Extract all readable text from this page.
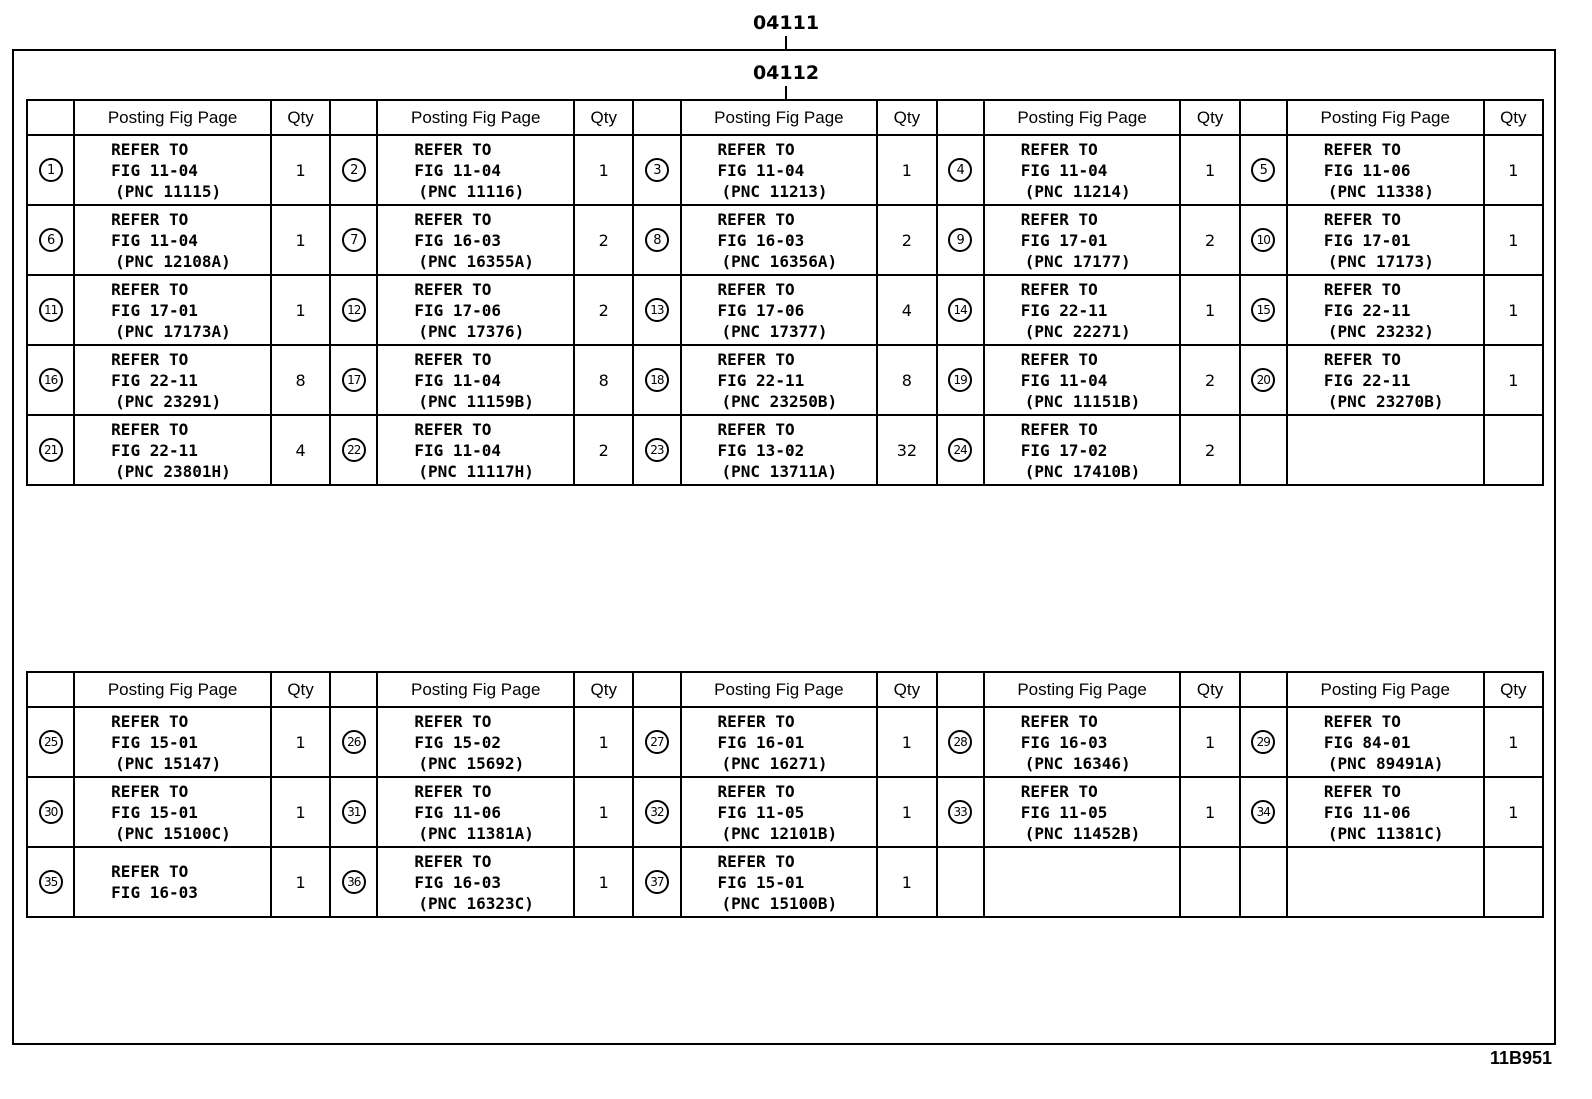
04111
04112
	Posting Fig Page	Qty		Posting Fig Page	Qty		Posting Fig Page	Qty		Posting Fig Page	Qty		Posting Fig Page	Qty
1	REFER TO
FIG 11-04
(PNC 11115)	1	2	REFER TO
FIG 11-04
(PNC 11116)	1	3	REFER TO
FIG 11-04
(PNC 11213)	1	4	REFER TO
FIG 11-04
(PNC 11214)	1	5	REFER TO
FIG 11-06
(PNC 11338)	1
6	REFER TO
FIG 11-04
(PNC 12108A)	1	7	REFER TO
FIG 16-03
(PNC 16355A)	2	8	REFER TO
FIG 16-03
(PNC 16356A)	2	9	REFER TO
FIG 17-01
(PNC 17177)	2	10	REFER TO
FIG 17-01
(PNC 17173)	1
11	REFER TO
FIG 17-01
(PNC 17173A)	1	12	REFER TO
FIG 17-06
(PNC 17376)	2	13	REFER TO
FIG 17-06
(PNC 17377)	4	14	REFER TO
FIG 22-11
(PNC 22271)	1	15	REFER TO
FIG 22-11
(PNC 23232)	1
16	REFER TO
FIG 22-11
(PNC 23291)	8	17	REFER TO
FIG 11-04
(PNC 11159B)	8	18	REFER TO
FIG 22-11
(PNC 23250B)	8	19	REFER TO
FIG 11-04
(PNC 11151B)	2	20	REFER TO
FIG 22-11
(PNC 23270B)	1
21	REFER TO
FIG 22-11
(PNC 23801H)	4	22	REFER TO
FIG 11-04
(PNC 11117H)	2	23	REFER TO
FIG 13-02
(PNC 13711A)	32	24	REFER TO
FIG 17-02
(PNC 17410B)	2		

	Posting Fig Page	Qty		Posting Fig Page	Qty		Posting Fig Page	Qty		Posting Fig Page	Qty		Posting Fig Page	Qty
25	REFER TO
FIG 15-01
(PNC 15147)	1	26	REFER TO
FIG 15-02
(PNC 15692)	1	27	REFER TO
FIG 16-01
(PNC 16271)	1	28	REFER TO
FIG 16-03
(PNC 16346)	1	29	REFER TO
FIG 84-01
(PNC 89491A)	1
30	REFER TO
FIG 15-01
(PNC 15100C)	1	31	REFER TO
FIG 11-06
(PNC 11381A)	1	32	REFER TO
FIG 11-05
(PNC 12101B)	1	33	REFER TO
FIG 11-05
(PNC 11452B)	1	34	REFER TO
FIG 11-06
(PNC 11381C)	1
35	REFER TO
FIG 16-03	1	36	REFER TO
FIG 16-03
(PNC 16323C)	1	37	REFER TO
FIG 15-01
(PNC 15100B)	1		

11B951
